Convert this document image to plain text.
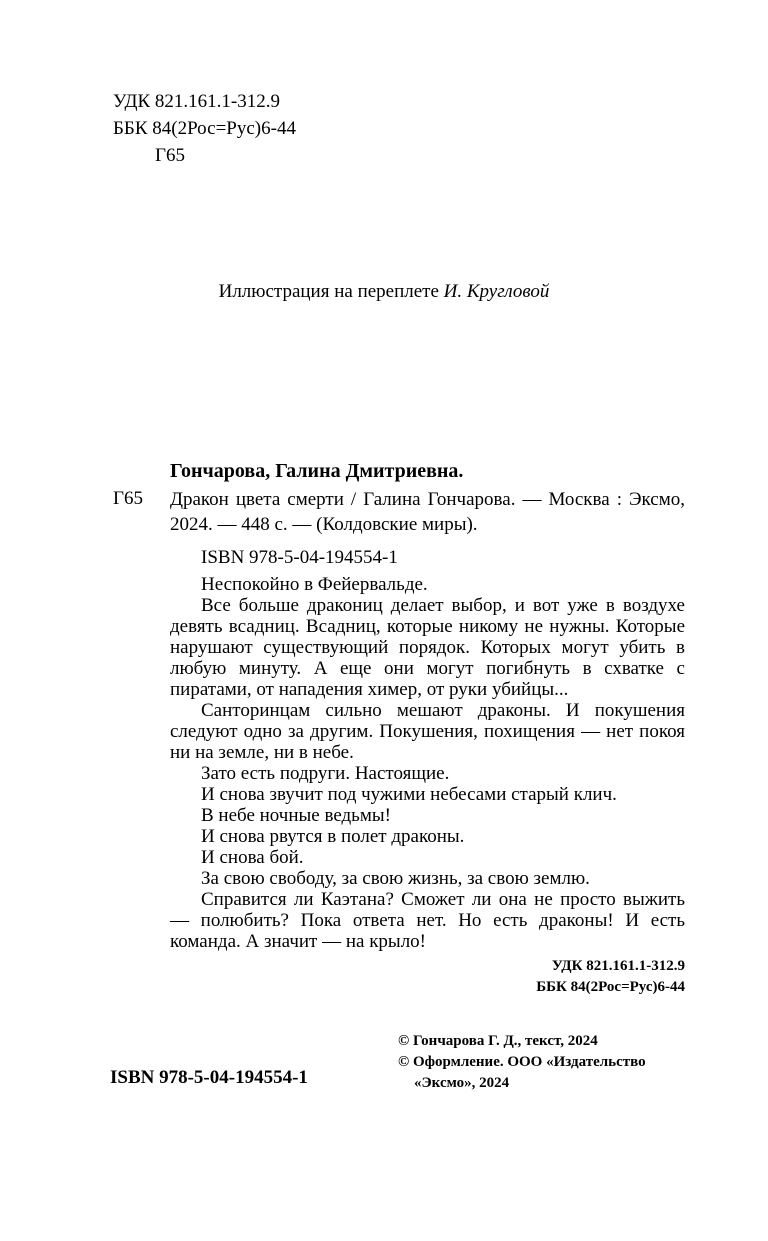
УДК 821.161.1-312.9
ББК 84(2Рос=Рус)6-44
Г65
Иллюстрация на переплете И. Кругловой
Гончарова, Галина Дмитриевна.
Г65 Дракон цвета смерти / Галина Гончарова. — Москва : Эксмо, 2024. — 448 с. — (Колдовские миры).
ISBN 978-5-04-194554-1

Неспокойно в Фейервальде.

Все больше дракониц делает выбор, и вот уже в воздухе девять всадниц. Всадниц, которые никому не нужны. Которые нарушают существующий порядок. Которых могут убить в любую минуту. А еще они могут погибнуть в схватке с пиратами, от нападения химер, от руки убийцы...

Санторинцам сильно мешают драконы. И покушения следуют одно за другим. Покушения, похищения — нет покоя ни на земле, ни в небе.

Зато есть подруги. Настоящие.

И снова звучит под чужими небесами старый клич.

В небе ночные ведьмы!

И снова рвутся в полет драконы.

И снова бой.

За свою свободу, за свою жизнь, за свою землю.

Справится ли Каэтана? Сможет ли она не просто выжить — полюбить? Пока ответа нет. Но есть драконы! И есть команда. А значит — на крыло!

УДК 821.161.1-312.9
ББК 84(2Рос=Рус)6-44
ISBN 978-5-04-194554-1
© Гончарова Г. Д., текст, 2024
© Оформление. ООО «Издательство
«Эксмо», 2024
